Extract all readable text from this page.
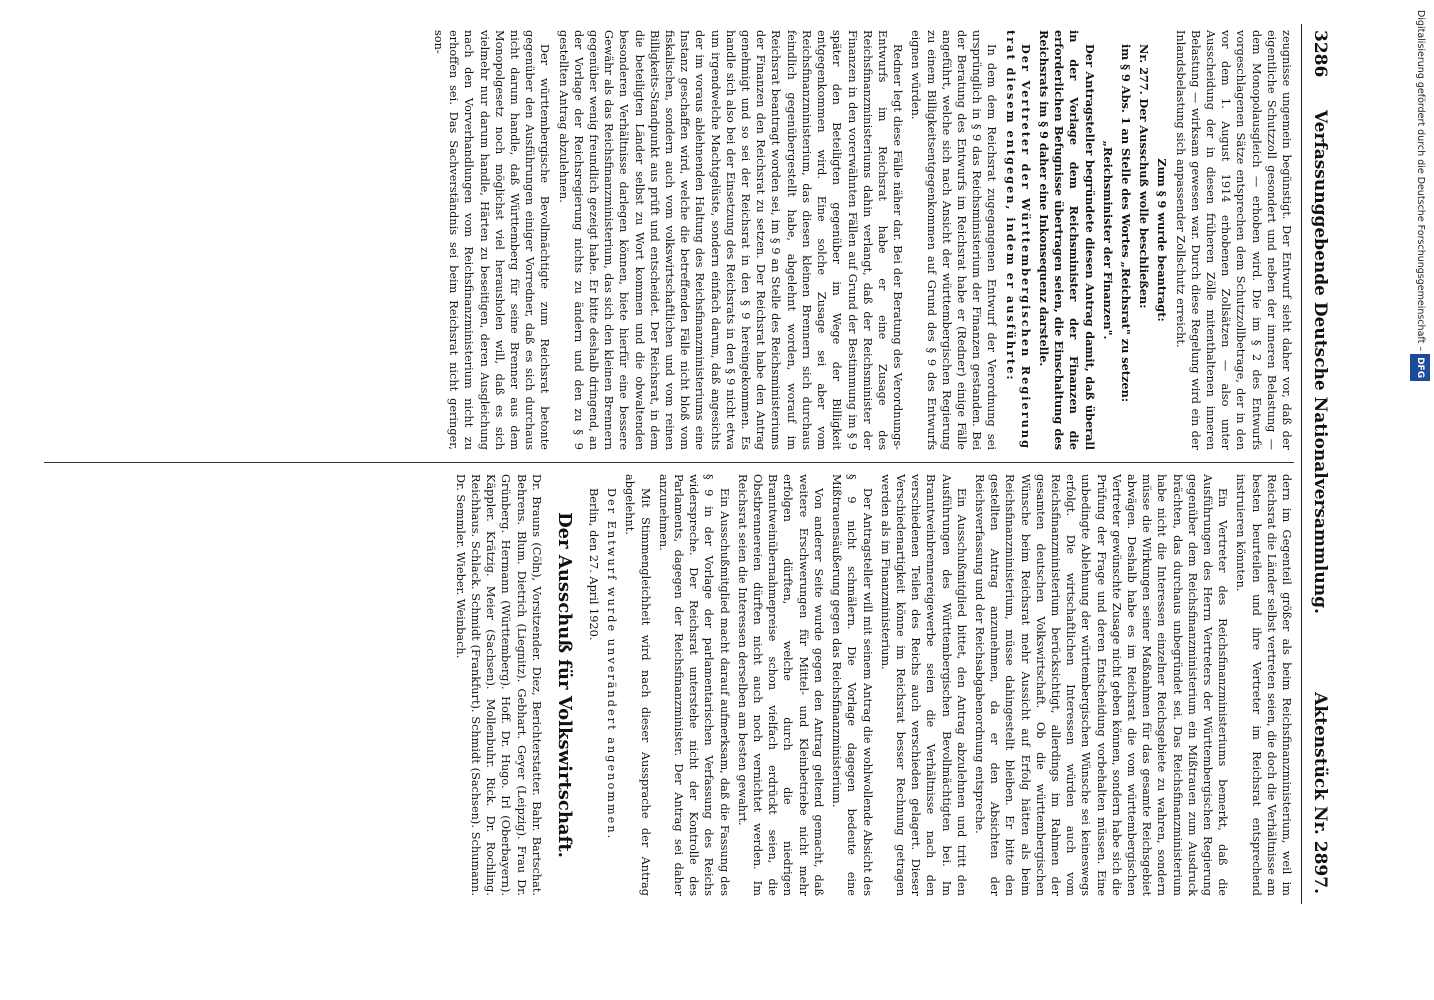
3286
Verfassunggebende Deutsche Nationalversammlung.
Aktenstück Nr. 2897.

zeugnisse ungemein begünstigt. Der Entwurf sieht daher vor, daß der eigentliche Schutzzoll gesondert und neben der inneren Belastung — dem Monopolausgleich — erhoben wird. Die im § 2 des Entwurfs vorgeschlagenen Sätze entsprechen dem Schutzzollbetrage, der in den vor dem 1. August 1914 erhobenen Zollsätzen — also unter Ausscheidung der in diesen früheren Zölle mitenthaltenen inneren Belastung — wirksam gewesen war. Durch diese Regelung wird ein der Inlandsbelastung sich anpassender Zollschutz erreicht.

Zum § 9 wurde beantragt:

Nr. 277. Der Ausschuß wolle beschließen:

im § 9 Abs. 1 an Stelle des Wortes „Reichsrat" zu setzen:

„Reichsminister der Finanzen".

Der Antragsteller begründete diesen Antrag damit, daß überall in der Vorlage dem Reichsminister der Finanzen die erforderlichen Befugnisse übertragen seien, die Einschaltung des Reichsrats im § 9 daher eine Inkonsequenz darstelle.

Der Vertreter der Württembergischen Regierung trat diesem entgegen, indem er ausführte:

In dem dem Reichsrat zugegangenen Entwurf der Verordnung sei ursprünglich in § 9 das Reichsministerium der Finanzen gestanden. Bei der Beratung des Entwurfs im Reichsrat habe er (Redner) einige Fälle angeführt, welche sich nach Ansicht der württembergischen Regierung zu einem Billigkeitsentgegenkommen auf Grund des § 9 des Entwurfs eignen würden.

Redner legt diese Fälle näher dar. Bei der Beratung des Verordnungs-Entwurfs im Reichsrat habe er eine Zusage des Reichsfinanzministeriums dahin verlangt, daß der Reichsminister der Finanzen in den vorerwähnten Fällen auf Grund der Bestimmung im § 9 später den Beteiligten gegenüber im Wege der Billigkeit entgegenkommen wird. Eine solche Zusage sei aber vom Reichsfinanzministerium, das diesen kleinen Brennern sich durchaus feindlich gegenübergestellt habe, abgelehnt worden, worauf im Reichsrat beantragt worden sei, im § 9 an Stelle des Reichsministeriums der Finanzen den Reichsrat zu setzen. Der Reichsrat habe den Antrag genehmigt und so sei der Reichsrat in den § 9 hereingekommen. Es handle sich also bei der Einsetzung des Reichsrats in den § 9 nicht etwa um irgendwelche Machtgelüste, sondern einfach darum, daß angesichts der im voraus ablehnenden Haltung des Reichsfinanzministeriums eine Instanz geschaffen wird, welche die betreffenden Fälle nicht bloß vom fiskalischen, sondern auch vom volkswirtschaftlichen und vom reinen Billigkeits-Standpunkt aus prüft und entscheidet. Der Reichsrat, in dem die beteiligten Länder selbst zu Wort kommen und die obwaltenden besonderen Verhältnisse darlegen können, biete hierfür eine bessere Gewähr als das Reichsfinanzministerium, das sich den kleinen Brennern gegenüber wenig freundlich gezeigt habe. Er bitte deshalb dringend, an der Vorlage der Reichsregierung nichts zu ändern und den zu § 9 gestellten Antrag abzulehnen.

Der württembergische Bevollmächtigte zum Reichsrat betonte gegenüber den Ausführungen einiger Vorredner, daß es sich durchaus nicht darum handle, daß Württemberg für seine Brenner aus dem Monopolgesetz noch möglichst viel herausholen will, daß es sich vielmehr nur darum handle, Härten zu beseitigen, deren Ausgleichung nach den Vorverhandlungen vom Reichsfinanzministerium nicht zu erhoffen sei. Das Sachverständnis sei beim Reichsrat nicht geringer, son-

dern im Gegenteil größer als beim Reichsfinanzministerium, weil im Reichsrat die Länder selbst vertreten seien, die doch die Verhältnisse am besten beurteilen und ihre Vertreter im Reichsrat entsprechend instruieren könnten.

Ein Vertreter des Reichsfinanzministeriums bemerkt, daß die Ausführungen des Herrn Vertreters der Württembergischen Regierung gegenüber dem Reichsfinanzministerium ein Mißtrauen zum Ausdruck brächten, das durchaus unbegründet sei. Das Reichsfinanzministerium habe nicht die Interessen einzelner Reichsgebiete zu wahren, sondern müsse die Wirkungen seiner Maßnahmen für das gesamte Reichsgebiet abwägen. Deshalb habe es im Reichsrat die vom württembergischen Vertreter gewünschte Zusage nicht geben können, sondern habe sich die Prüfung der Frage und deren Entscheidung vorbehalten müssen. Eine unbedingte Ablehnung der württembergischen Wünsche sei keineswegs erfolgt. Die wirtschaftlichen Interessen würden auch vom Reichsfinanzministerium berücksichtigt, allerdings im Rahmen der gesamten deutschen Volkswirtschaft. Ob die württembergischen Wünsche beim Reichsrat mehr Aussicht auf Erfolg hätten als beim Reichsfinanzministerium, müsse dahingestellt bleiben. Er bitte den gestellten Antrag anzunehmen, da er den Absichten der Reichsverfassung und der Reichsabgabenordnung entspreche.

Ein Ausschußmitglied bittet, den Antrag abzulehnen und tritt den Ausführungen des Württembergischen Bevollmächtigten bei. Im Branntweinbrennereigewerbe seien die Verhältnisse nach den verschiedenen Teilen des Reichs auch verschieden gelagert. Dieser Verschiedenartigkeit könne im Reichsrat besser Rechnung getragen werden als im Finanzministerium.

Der Antragsteller will mit seinem Antrag die wohlwollende Absicht des § 9 nicht schmälern. Die Vorlage dagegen bedeute eine Mißtrauensäußerung gegen das Reichsfinanzministerium.

Von anderer Seite wurde gegen den Antrag geltend gemacht, daß weitere Erschwerungen für Mittel- und Kleinbetriebe nicht mehr erfolgen dürften, welche durch die niedrigen Branntweinübernahmepreise schon vielfach erdrückt seien, die Obstbrennereien dürften nicht auch noch vernichtet werden. Im Reichsrat seien die Interessen derselben am besten gewahrt.

Ein Ausschußmitglied macht darauf aufmerksam, daß die Fassung des § 9 in der Vorlage der parlamentarischen Verfassung des Reichs widerspreche. Der Reichsrat unterstehe nicht der Kontrolle des Parlaments, dagegen der Reichsfinanzminister. Der Antrag sei daher anzunehmen.

Mit Stimmengleichheit wird nach dieser Aussprache der Antrag abgelehnt.

Der Entwurf wurde unverändert angenommen.

Berlin, den 27. April 1920.

Der Ausschuß für Volkswirtschaft.

Dr. Brauns (Cöln), Vorsitzender. Diez, Berichterstatter. Bahr. Bartschat. Behrens. Blum. Dietrich (Liegnitz). Gebhart. Geyer (Leipzig). Frau Dr. Grünberg. Hermann (Württemberg). Hoff. Dr. Hugo. Irl (Oberbayern). Käppler. Krätzig. Meier (Sachsen). Mollenbuhr. Rick. Dr. Rochling. Reichhaus. Schlack. Schmidt (Frankfurt). Schmidt (Sachsen). Schumann. Dr. Semmler. Wieber. Weinbach.

Digitalisierung gefördert durch die Deutsche Forschungsgemeinschaft –DFG
